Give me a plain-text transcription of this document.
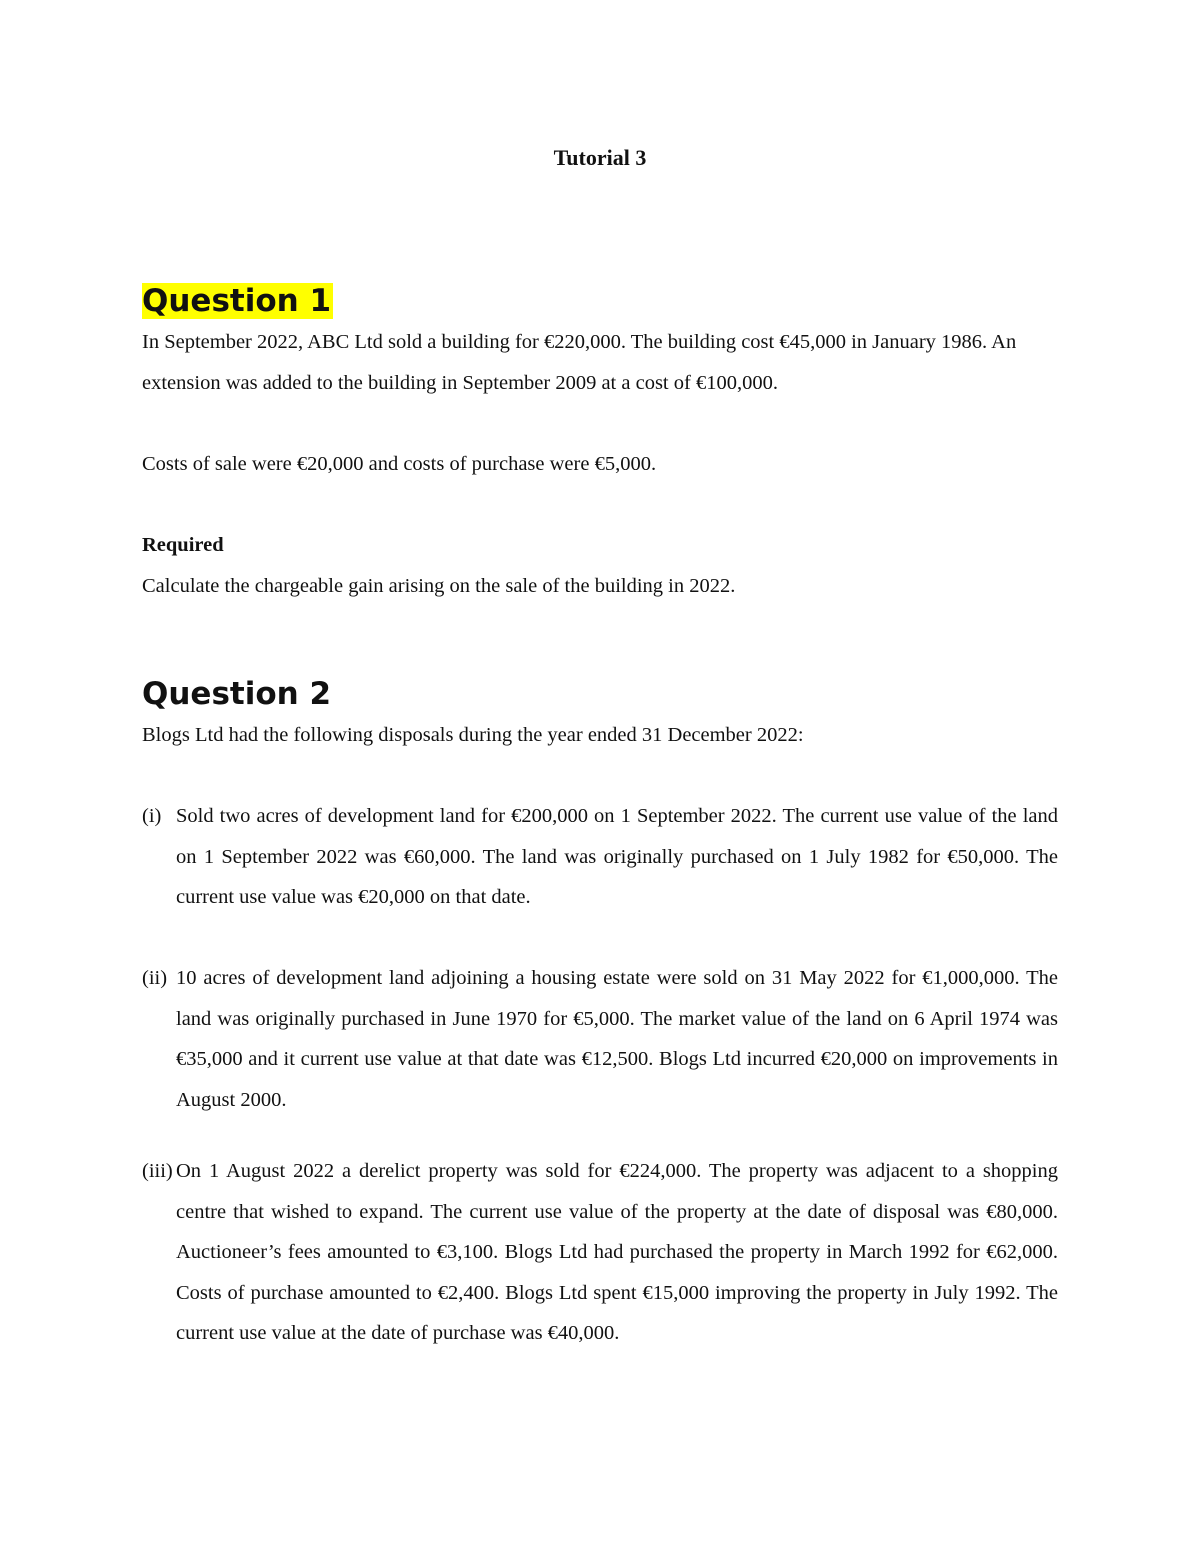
Tutorial 3
Question 1

In September 2022, ABC Ltd sold a building for €220,000. The building cost €45,000 in January 1986. An extension was added to the building in September 2009 at a cost of €100,000.

Costs of sale were €20,000 and costs of purchase were €5,000.

Required

Calculate the chargeable gain arising on the sale of the building in 2022.

Question 2

Blogs Ltd had the following disposals during the year ended 31 December 2022:

(i) Sold two acres of development land for €200,000 on 1 September 2022. The current use value of the land on 1 September 2022 was €60,000. The land was originally purchased on 1 July 1982 for €50,000. The current use value was €20,000 on that date.
(ii) 10 acres of development land adjoining a housing estate were sold on 31 May 2022 for €1,000,000. The land was originally purchased in June 1970 for €5,000. The market value of the land on 6 April 1974 was €35,000 and it current use value at that date was €12,500. Blogs Ltd incurred €20,000 on improvements in August 2000.
(iii) On 1 August 2022 a derelict property was sold for €224,000. The property was adjacent to a shopping centre that wished to expand. The current use value of the property at the date of disposal was €80,000. Auctioneer’s fees amounted to €3,100. Blogs Ltd had purchased the property in March 1992 for €62,000. Costs of purchase amounted to €2,400. Blogs Ltd spent €15,000 improving the property in July 1992. The current use value at the date of purchase was €40,000.
